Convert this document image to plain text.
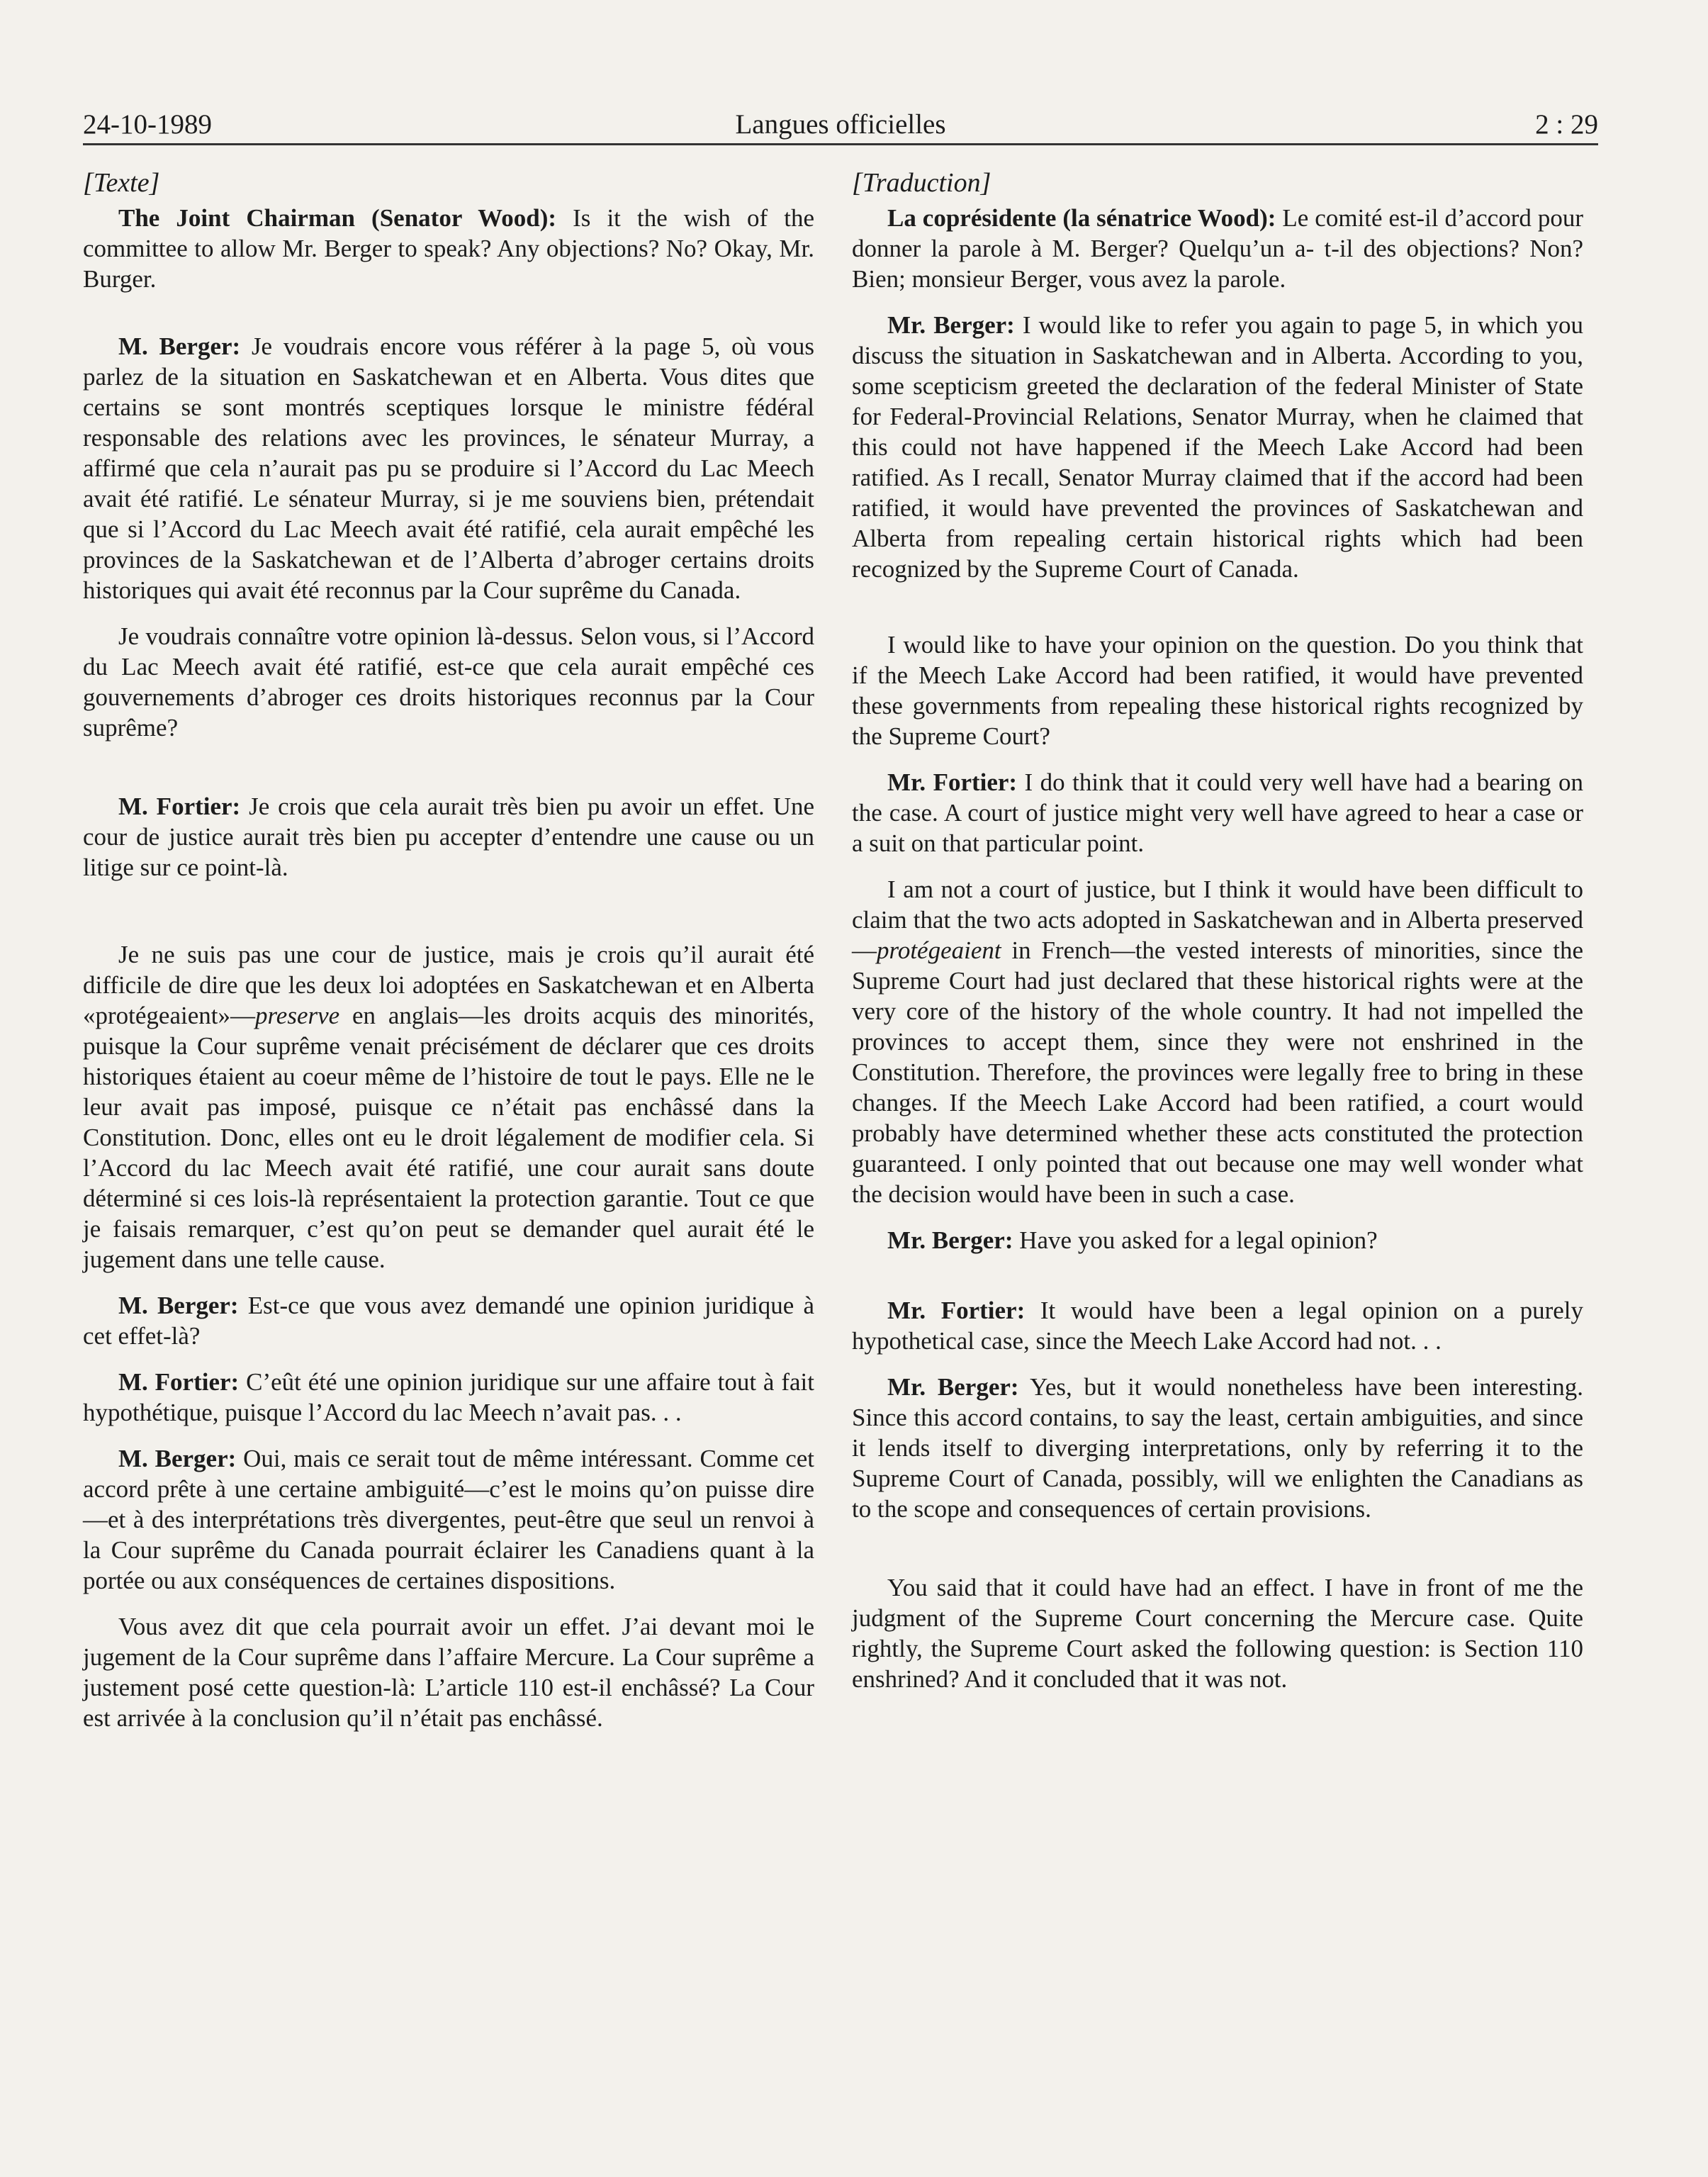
24-10-1989	Langues officielles	2 : 29
[Texte]

The Joint Chairman (Senator Wood): Is it the wish of the committee to allow Mr. Berger to speak? Any objections? No? Okay, Mr. Burger.

M. Berger: Je voudrais encore vous référer à la page 5, où vous parlez de la situation en Saskatchewan et en Alberta. Vous dites que certains se sont montrés sceptiques lorsque le ministre fédéral responsable des relations avec les provinces, le sénateur Murray, a affirmé que cela n’aurait pas pu se produire si l’Accord du Lac Meech avait été ratifié. Le sénateur Murray, si je me souviens bien, prétendait que si l’Accord du Lac Meech avait été ratifié, cela aurait empêché les provinces de la Saskatchewan et de l’Alberta d’abroger certains droits historiques qui avait été reconnus par la Cour suprême du Canada.

Je voudrais connaître votre opinion là-dessus. Selon vous, si l’Accord du Lac Meech avait été ratifié, est-ce que cela aurait empêché ces gouvernements d’abroger ces droits historiques reconnus par la Cour suprême?

M. Fortier: Je crois que cela aurait très bien pu avoir un effet. Une cour de justice aurait très bien pu accepter d’entendre une cause ou un litige sur ce point-là.

Je ne suis pas une cour de justice, mais je crois qu’il aurait été difficile de dire que les deux loi adoptées en Saskatchewan et en Alberta «protégeaient»—preserve en anglais—les droits acquis des minorités, puisque la Cour suprême venait précisément de déclarer que ces droits historiques étaient au coeur même de l’histoire de tout le pays. Elle ne le leur avait pas imposé, puisque ce n’était pas enchâssé dans la Constitution. Donc, elles ont eu le droit légalement de modifier cela. Si l’Accord du lac Meech avait été ratifié, une cour aurait sans doute déterminé si ces lois-là représentaient la protection garantie. Tout ce que je faisais remarquer, c’est qu’on peut se demander quel aurait été le jugement dans une telle cause.

M. Berger: Est-ce que vous avez demandé une opinion juridique à cet effet-là?

M. Fortier: C’eût été une opinion juridique sur une affaire tout à fait hypothétique, puisque l’Accord du lac Meech n’avait pas. . .

M. Berger: Oui, mais ce serait tout de même intéressant. Comme cet accord prête à une certaine ambiguité—c’est le moins qu’on puisse dire—et à des interprétations très divergentes, peut-être que seul un renvoi à la Cour suprême du Canada pourrait éclairer les Canadiens quant à la portée ou aux conséquences de certaines dispositions.

Vous avez dit que cela pourrait avoir un effet. J’ai devant moi le jugement de la Cour suprême dans l’affaire Mercure. La Cour suprême a justement posé cette question-là: L’article 110 est-il enchâssé? La Cour est arrivée à la conclusion qu’il n’était pas enchâssé.

[Traduction]

La coprésidente (la sénatrice Wood): Le comité est-il d’accord pour donner la parole à M. Berger? Quelqu’un a- t-il des objections? Non? Bien; monsieur Berger, vous avez la parole.

Mr. Berger: I would like to refer you again to page 5, in which you discuss the situation in Saskatchewan and in Alberta. According to you, some scepticism greeted the declaration of the federal Minister of State for Federal-Provincial Relations, Senator Murray, when he claimed that this could not have happened if the Meech Lake Accord had been ratified. As I recall, Senator Murray claimed that if the accord had been ratified, it would have prevented the provinces of Saskatchewan and Alberta from repealing certain historical rights which had been recognized by the Supreme Court of Canada.

I would like to have your opinion on the question. Do you think that if the Meech Lake Accord had been ratified, it would have prevented these governments from repealing these historical rights recognized by the Supreme Court?

Mr. Fortier: I do think that it could very well have had a bearing on the case. A court of justice might very well have agreed to hear a case or a suit on that particular point.

I am not a court of justice, but I think it would have been difficult to claim that the two acts adopted in Saskatchewan and in Alberta preserved—protégeaient in French—the vested interests of minorities, since the Supreme Court had just declared that these historical rights were at the very core of the history of the whole country. It had not impelled the provinces to accept them, since they were not enshrined in the Constitution. Therefore, the provinces were legally free to bring in these changes. If the Meech Lake Accord had been ratified, a court would probably have determined whether these acts constituted the protection guaranteed. I only pointed that out because one may well wonder what the decision would have been in such a case.

Mr. Berger: Have you asked for a legal opinion?

Mr. Fortier: It would have been a legal opinion on a purely hypothetical case, since the Meech Lake Accord had not. . .

Mr. Berger: Yes, but it would nonetheless have been interesting. Since this accord contains, to say the least, certain ambiguities, and since it lends itself to diverging interpretations, only by referring it to the Supreme Court of Canada, possibly, will we enlighten the Canadians as to the scope and consequences of certain provisions.

You said that it could have had an effect. I have in front of me the judgment of the Supreme Court concerning the Mercure case. Quite rightly, the Supreme Court asked the following question: is Section 110 enshrined? And it concluded that it was not.
